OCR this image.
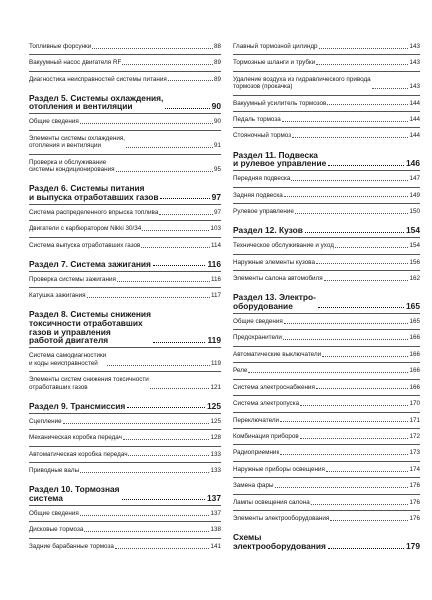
Топливные форсунки	88
Вакуумный насос двигателя RF	89
Диагностика неисправностей системы питания	89
Раздел 5. Системы охлаждения,
отопления и вентиляции	90
Общие сведения	90
Элементы системы охлаждения,
отопления и вентиляции	91
Проверка и обслуживание
системы кондиционирования	95
Раздел 6. Системы питания
и выпуска отработавших газов	97
Система распределенного впрыска топлива	97
Двигатели с карбюратором Nikki 30/34	103
Система выпуска отработавших газов	114
Раздел 7. Система зажигания	116
Проверка системы зажигания	116
Катушка зажигания	117
Раздел 8. Системы снижения
токсичности отработавших
газов и управления
работой двигателя	119
Система самодиагностики
и коды неисправностей	119
Элементы систем снижения токсичности
отработавших газов	121
Раздел 9. Трансмиссия	125
Сцепление	125
Механическая коробка передач	128
Автоматическая коробка передач	133
Приводные валы	133
Раздел 10. Тормозная
система	137
Общие сведения	137
Дисковые тормоза	138
Задние барабанные тормоза	141
Главный тормозной цилиндр	143
Тормозные шланги и трубки	143
Удаление воздуха из гидравлического привода
тормозов (прокачка)	143
Вакуумный усилитель тормозов	144
Педаль тормоза	144
Стояночный тормоз	144
Раздел 11. Подвеска
и рулевое управление	146
Передняя подвеска	147
Задняя подвеска	149
Рулевое управление	150
Раздел 12. Кузов	154
Техническое обслуживание и уход	154
Наружные элементы кузова	156
Элементы салона автомобиля	162
Раздел 13. Электро-
оборудование	165
Общие сведения	165
Предохранители	166
Автоматические выключатели	166
Реле	166
Система электроснабжения	166
Система электропуска	170
Переключатели	171
Комбинация приборов	172
Радиоприемник	173
Наружные приборы освещения	174
Замена фары	176
Лампы освещения салона	176
Элементы электрооборудования	176
Схемы
электрооборудования	179
